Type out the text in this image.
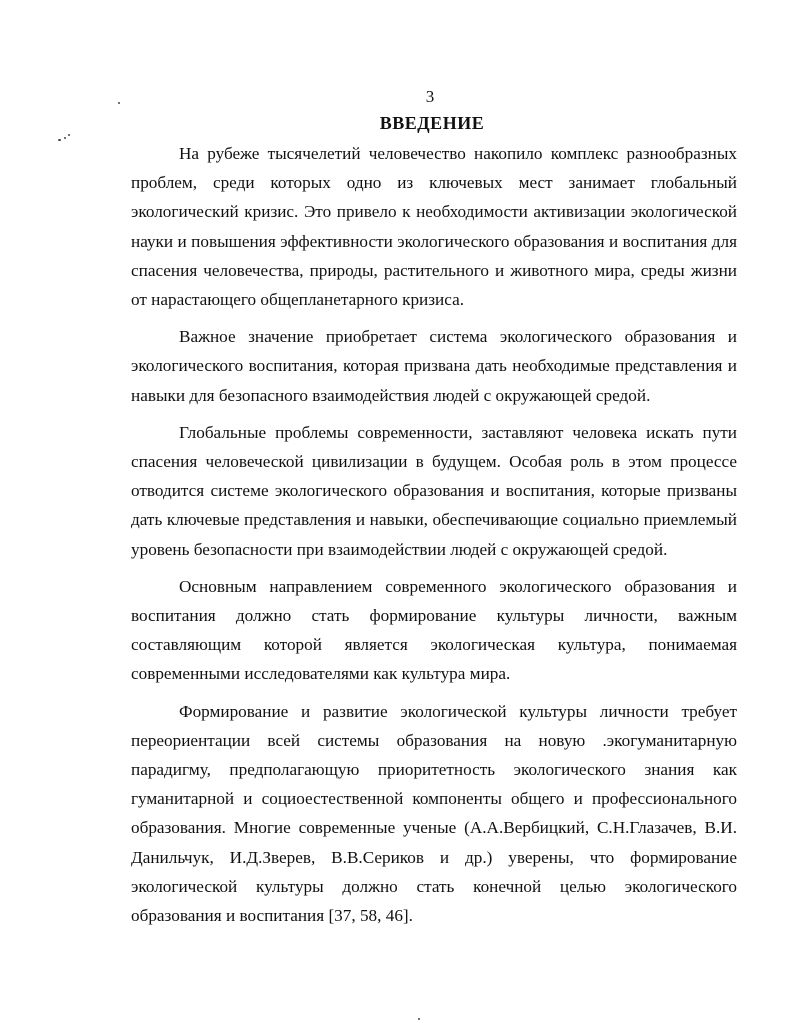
3
ВВЕДЕНИЕ

На рубеже тысячелетий человечество накопило комплекс разнообразных проблем, среди которых одно из ключевых мест занимает глобальный экологический кризис. Это привело к необходимости активизации экологической науки и повышения эффективности экологического образования и воспитания для спасения человечества, природы, растительного и животного мира, среды жизни от нарастающего общепланетарного кризиса.

Важное значение приобретает система экологического образования и экологического воспитания, которая призвана дать необходимые представления и навыки для безопасного взаимодействия людей с окружающей средой.

Глобальные проблемы современности, заставляют человека искать пути спасения человеческой цивилизации в будущем. Особая роль в этом процессе отводится системе экологического образования и воспитания, которые призваны дать ключевые представления и навыки, обеспечивающие социально приемлемый уровень безопасности при взаимодействии людей с окружающей средой.

Основным направлением современного экологического образования и воспитания должно стать формирование культуры личности, важным составляющим которой является экологическая культура, понимаемая современными исследователями как культура мира.

Формирование и развитие экологической культуры личности требует переориентации всей системы образования на новую .экогуманитарную парадигму, предполагающую приоритетность экологического знания как гуманитарной и социоестественной компоненты общего и профессионального образования. Многие современные ученые (А.А.Вербицкий, С.Н.Глазачев, В.И. Данильчук, И.Д.Зверев, В.В.Сериков и др.) уверены, что формирование экологической культуры должно стать конечной целью экологического образования и воспитания [37, 58, 46].
